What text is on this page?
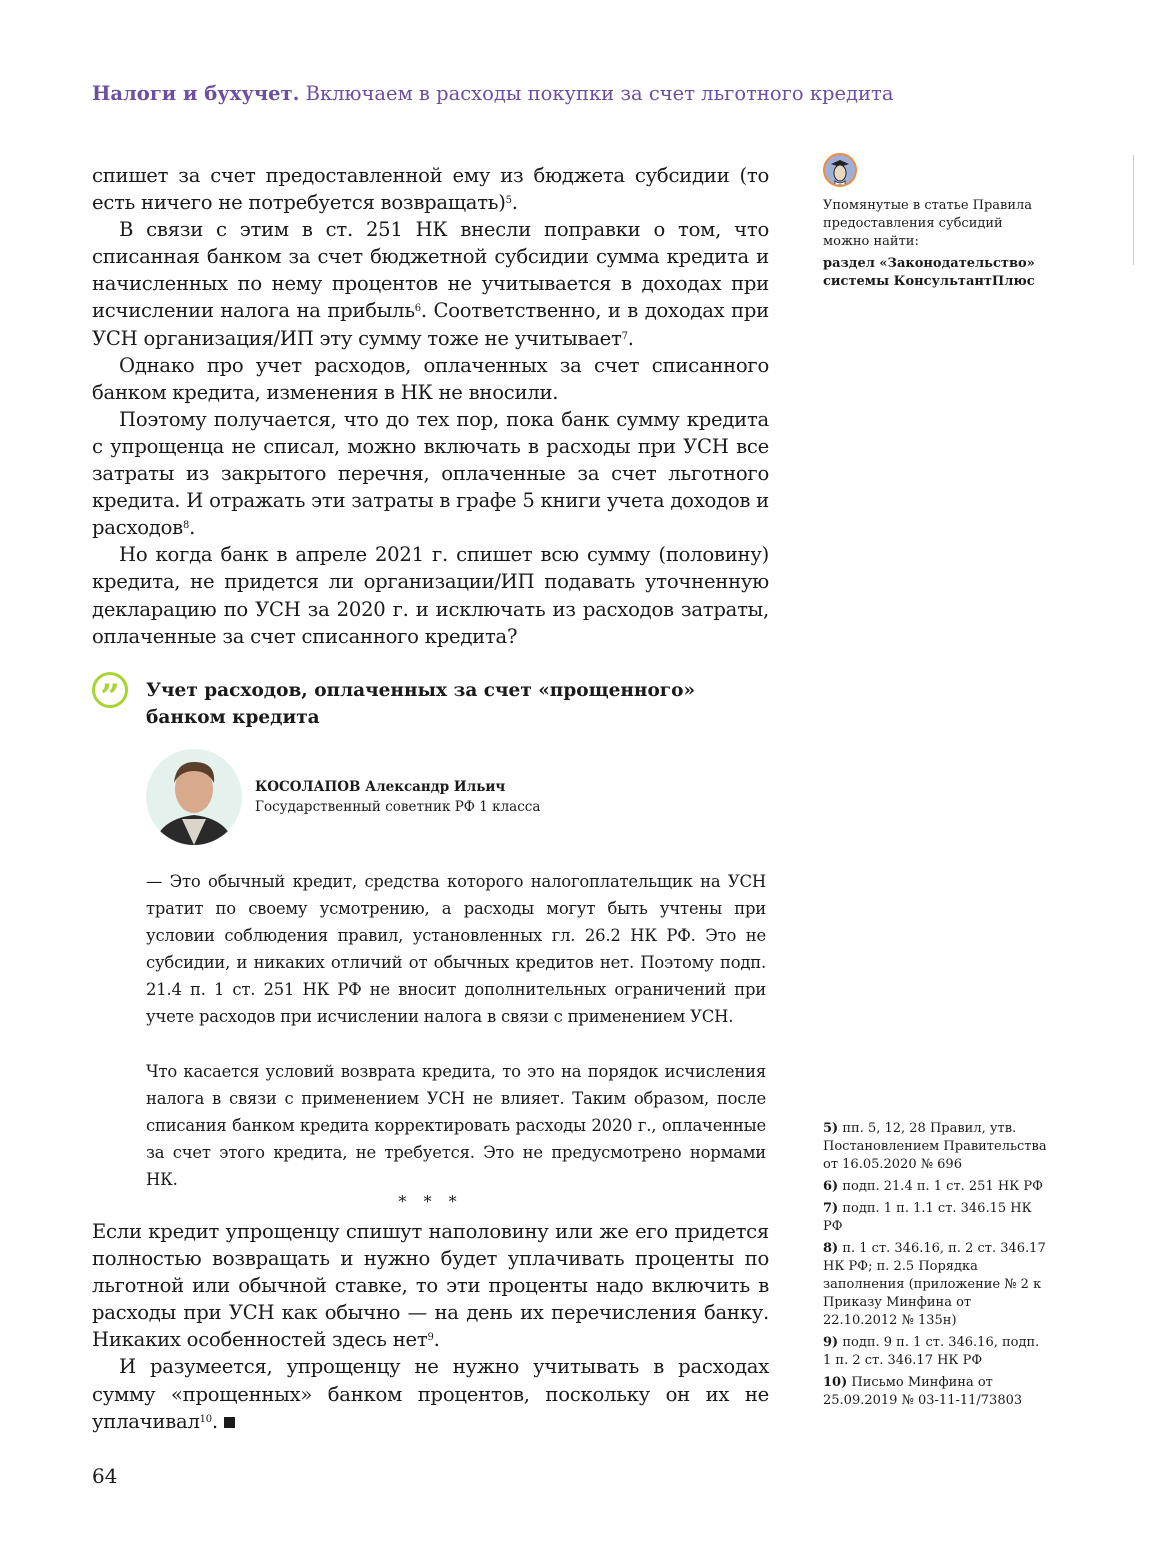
Налоги и бухучет. Включаем в расходы покупки за счет льготного кредита

спишет за счет предоставленной ему из бюджета субсидии (то есть ничего не потребуется возвращать)$^5$.

В связи с этим в ст. 251 НК внесли поправки о том, что списанная банком за счет бюджетной субсидии сумма кредита и начисленных по нему процентов не учитывается в доходах при исчислении налога на прибыль$^6$. Соответственно, и в доходах при УСН организация/ИП эту сумму тоже не учитывает$^7$.

Однако про учет расходов, оплаченных за счет списанного банком кредита, изменения в НК не вносили.

Поэтому получается, что до тех пор, пока банк сумму кредита с упрощенца не списал, можно включать в расходы при УСН все затраты из закрытого перечня, оплаченные за счет льготного кредита. И отражать эти затраты в графе 5 книги учета доходов и расходов$^8$.

Но когда банк в апреле 2021 г. спишет всю сумму (половину) кредита, не придется ли организации/ИП подавать уточненную декларацию по УСН за 2020 г. и исключать из расходов затраты, оплаченные за счет списанного кредита?

”	Учет расходов, оплаченных за счет «прощенного» банком кредита
КОСОЛАПОВ Александр Ильич
Государственный советник РФ 1 класса

— Это обычный кредит, средства которого налогоплательщик на УСН тратит по своему усмотрению, а расходы могут быть учтены при условии соблюдения правил, установленных гл. 26.2 НК РФ. Это не субсидии, и никаких отличий от обычных кредитов нет. Поэтому подп. 21.4 п. 1 ст. 251 НК РФ не вносит дополнительных ограничений при учете расходов при исчислении налога в связи с применением УСН.

Что касается условий возврата кредита, то это на порядок исчисления налога в связи с применением УСН не влияет. Таким образом, после списания банком кредита корректировать расходы 2020 г., оплаченные за счет этого кредита, не требуется. Это не предусмотрено нормами НК.

* * *

Если кредит упрощенцу спишут наполовину или же его придется полностью возвращать и нужно будет уплачивать проценты по льготной или обычной ставке, то эти проценты надо включить в расходы при УСН как обычно — на день их перечисления банку. Никаких особенностей здесь нет$^9$.

И разумеется, упрощенцу не нужно учитывать в расходах сумму «прощенных» банком процентов, поскольку он их не уплачивал$^{10}$.

Упомянутые в статье Правила предоставления субсидий можно найти:

раздел «Законодательство» системы КонсультантПлюс

5) пп. 5, 12, 28 Правил, утв. Постановлением Правительства от 16.05.2020 № 696
6) подп. 21.4 п. 1 ст. 251 НК РФ
7) подп. 1 п. 1.1 ст. 346.15 НК РФ
8) п. 1 ст. 346.16, п. 2 ст. 346.17 НК РФ; п. 2.5 Порядка заполнения (приложение № 2 к Приказу Минфина от 22.10.2012 № 135н)
9) подп. 9 п. 1 ст. 346.16, подп. 1 п. 2 ст. 346.17 НК РФ
10) Письмо Минфина от 25.09.2019 № 03-11-11/73803
64
